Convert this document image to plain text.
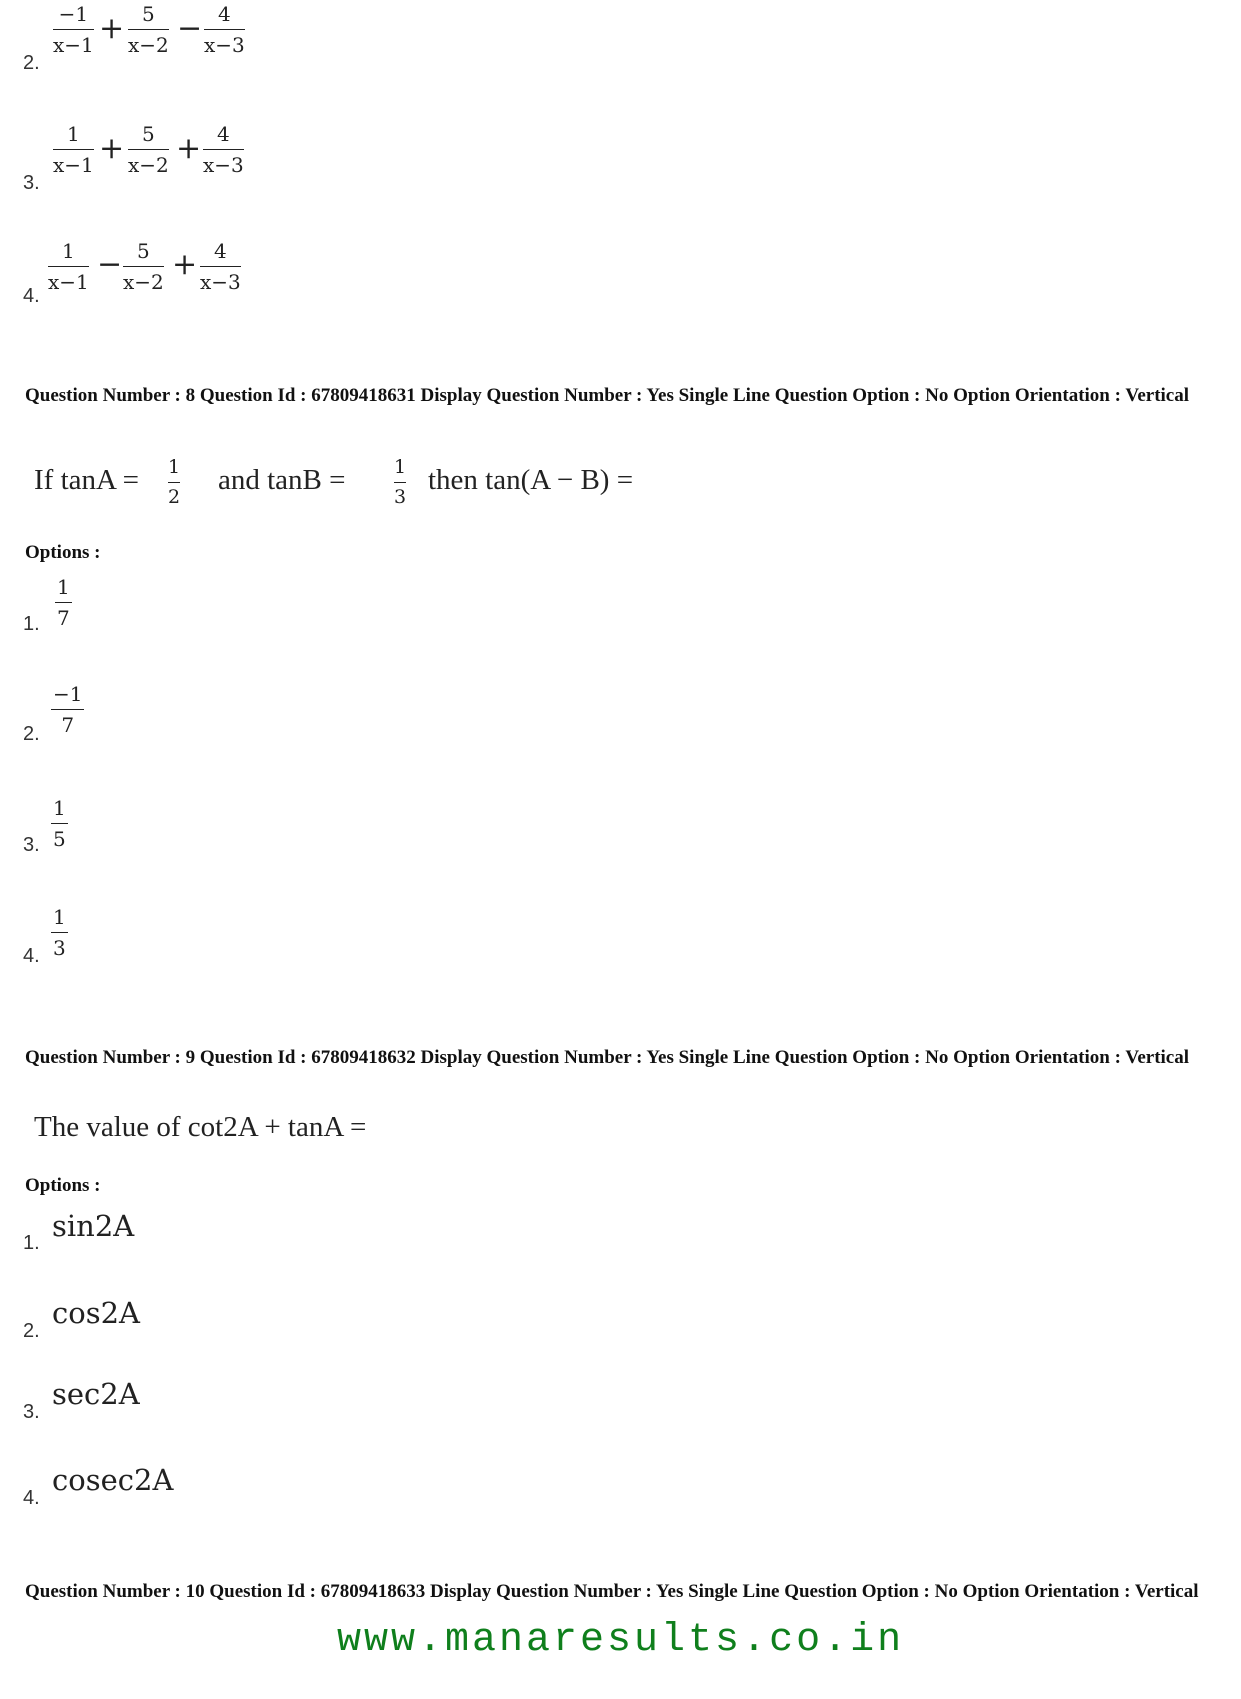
2.
−1
x−1 + 5
x−2 − 4
x−3
3.
1
x−1 + 5
x−2 + 4
x−3
4.
1
x−1 − 5
x−2 + 4
x−3
Question Number : 8 Question Id : 67809418631 Display Question Number : Yes Single Line Question Option : No Option Orientation : Vertical
If tanA = 1
2
and tanB =	1
3
then tan(A − B) =
Options :
1.
1
7
2.
−1
7
3.
1
5
4.
1
3
Question Number : 9 Question Id : 67809418632 Display Question Number : Yes Single Line Question Option : No Option Orientation : Vertical
The value of cot2A + tanA =
Options :
1. sin2A
2.
cos2A
3.
sec2A
4.
cosec2A
Question Number : 10 Question Id : 67809418633 Display Question Number : Yes Single Line Question Option : No Option Orientation : Vertical
www.manaresults.co.in
